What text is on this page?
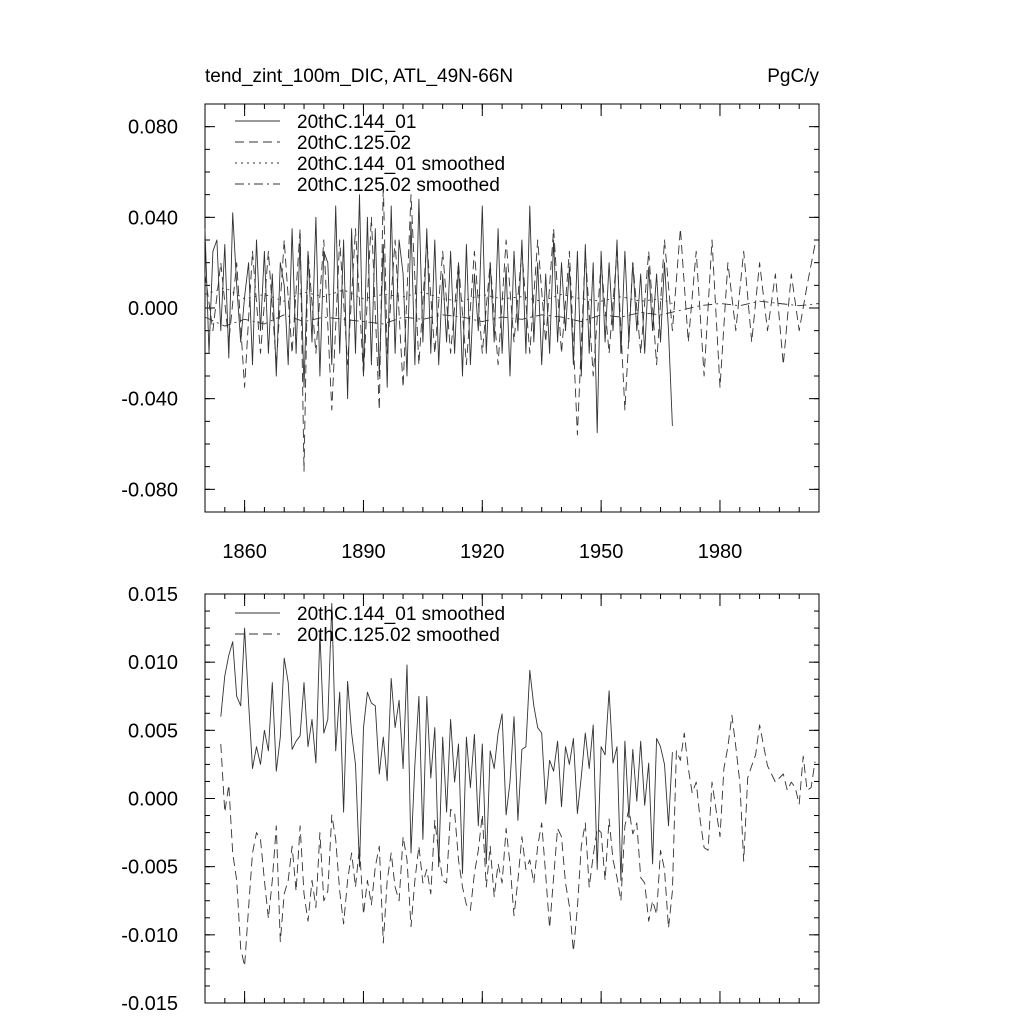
tend_zint_100m_DIC, ATL_49N-66N	PgC/y
-0.080
-0.040
0.000
0.040
0.080
1860	1890	1920	1950	1980
20thC.144_01
20thC.125.02
20thC.144_01 smoothed
20thC.125.02 smoothed
-0.015
-0.010
-0.005
0.000
0.005
0.010
0.015
20thC.144_01 smoothed
20thC.125.02 smoothed
